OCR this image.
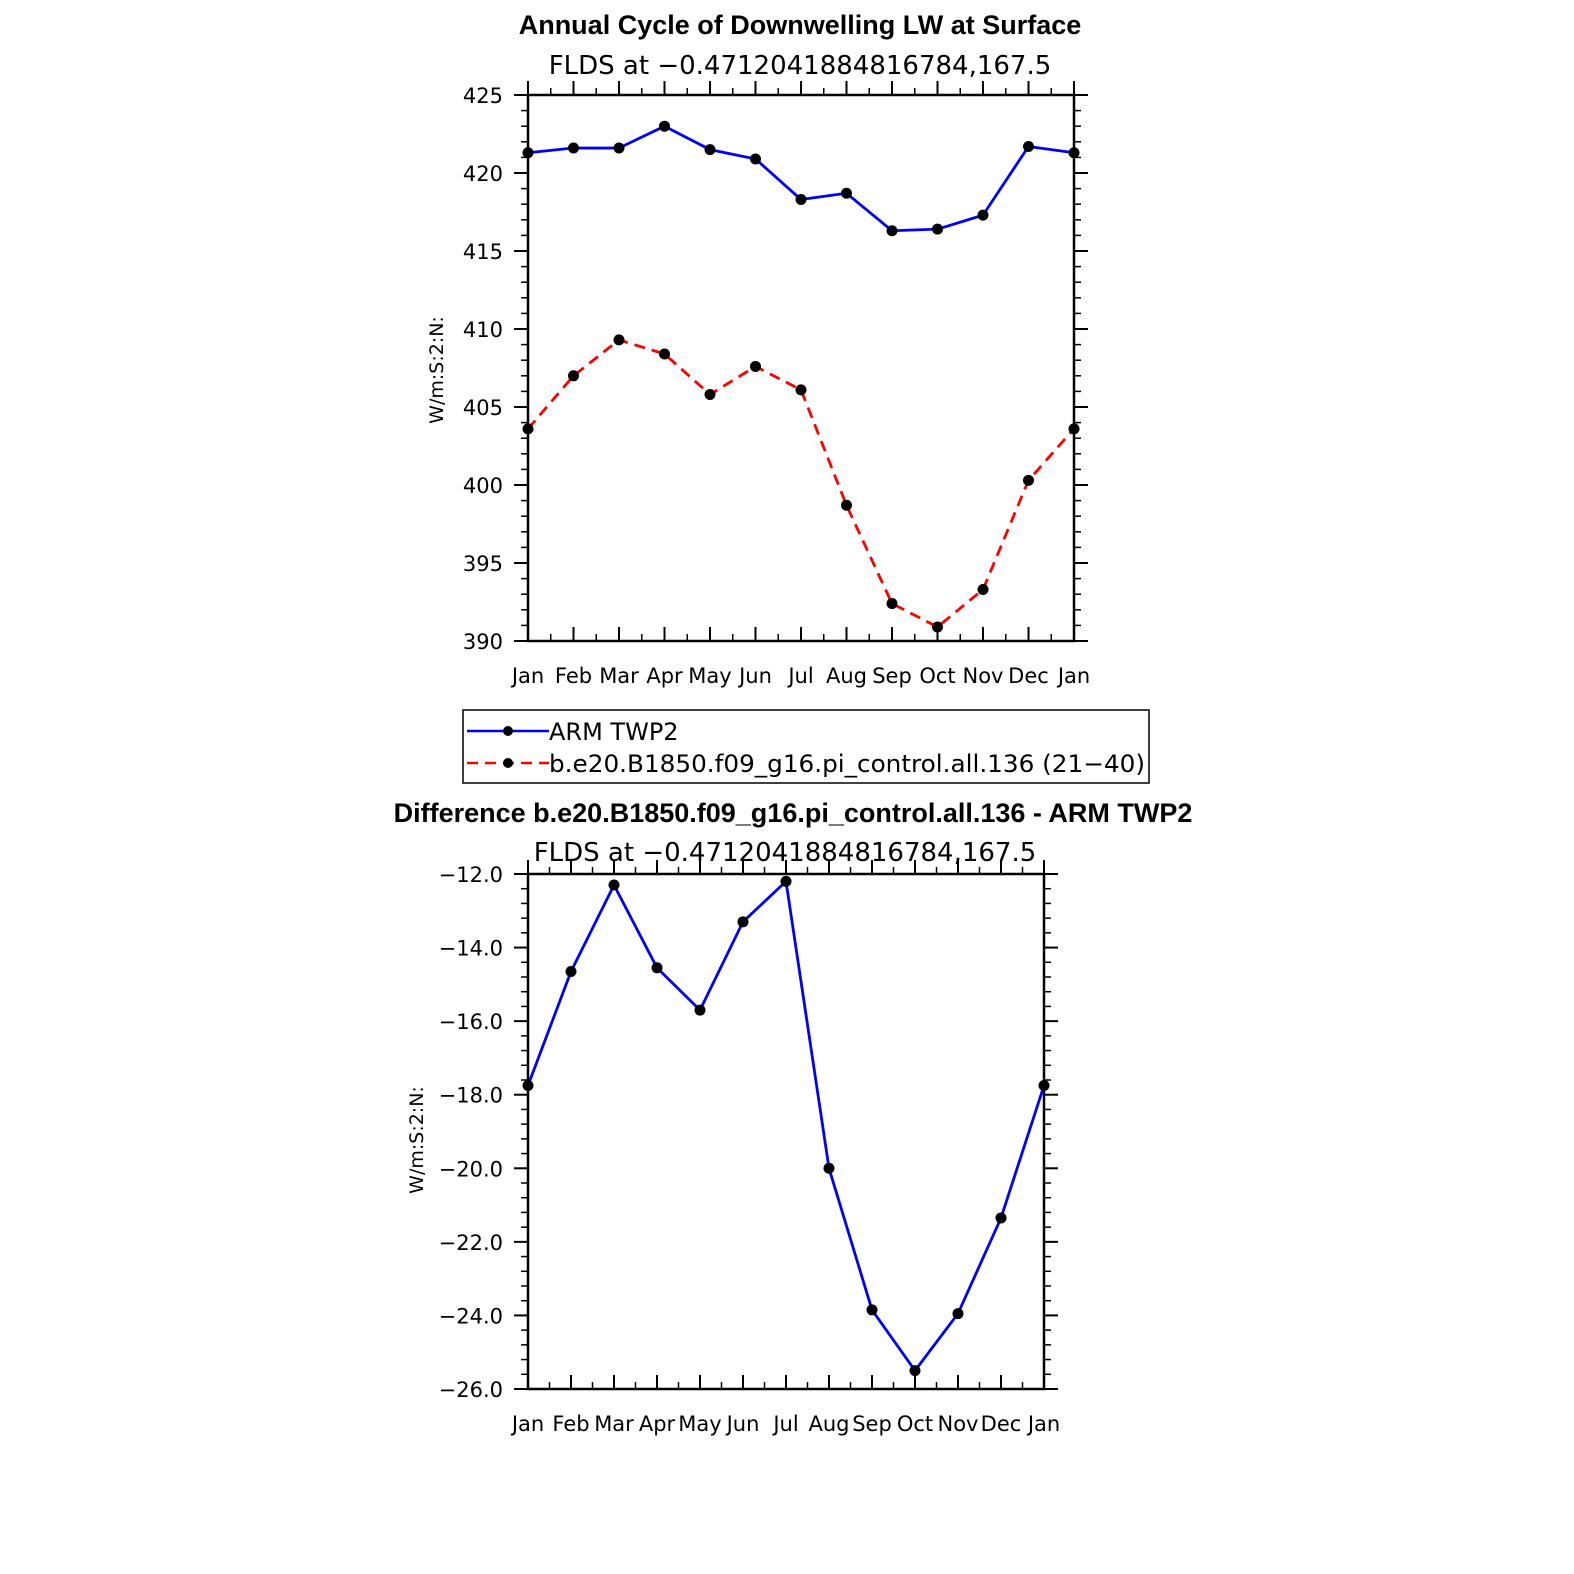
Annual Cycle of Downwelling LW at Surface
FLDS at −0.4712041884816784,167.5
W/m:S:2:N:
Jan Feb Mar Apr May Jun Jul Aug Sep Oct Nov Dec Jan
390
395
400
405
410
415
420
425
ARM TWP2
b.e20.B1850.f09_g16.pi_control.all.136 (21−40)
Difference b.e20.B1850.f09_g16.pi_control.all.136 - ARM TWP2
FLDS at −0.4712041884816784,167.5
W/m:S:2:N:
Jan Feb Mar Apr May Jun Jul Aug Sep Oct Nov Dec Jan
−26.0
−24.0
−22.0
−20.0
−18.0
−16.0
−14.0
−12.0
